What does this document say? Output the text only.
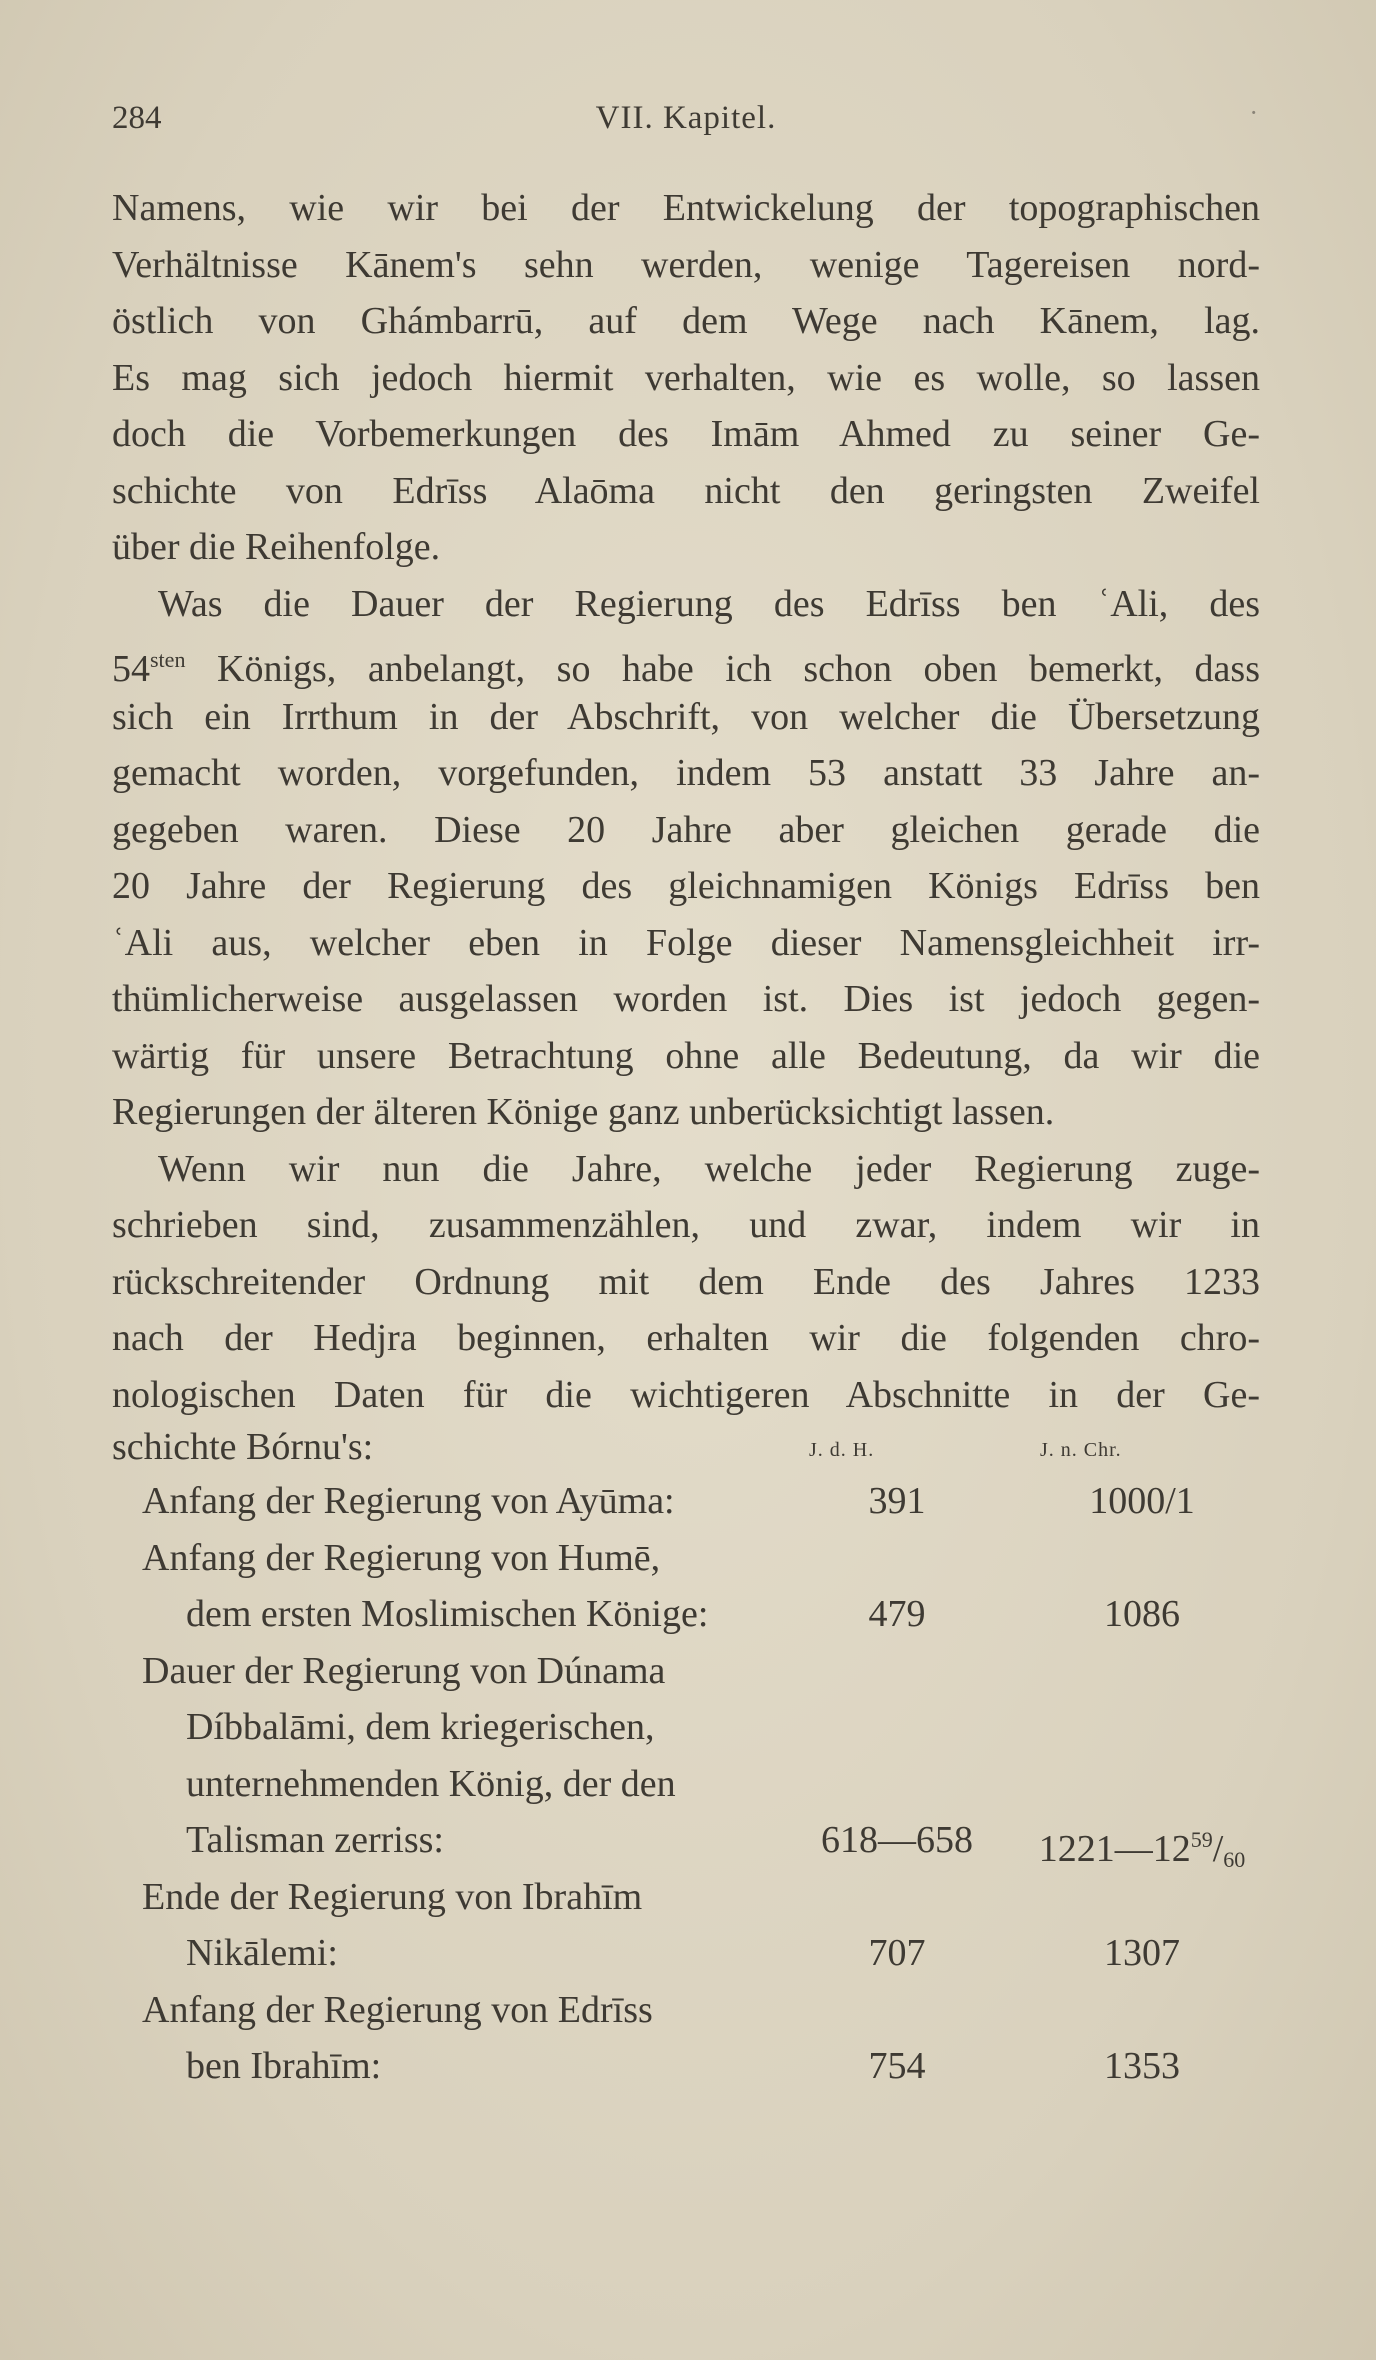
284	VII. Kapitel.	·
Namens, wie wir bei der Entwickelung der topographischen
Verhältnisse Kānem's sehn werden, wenige Tagereisen nord-
östlich von Ghámbarrū, auf dem Wege nach Kānem, lag.
Es mag sich jedoch hiermit verhalten, wie es wolle, so lassen
doch die Vorbemerkungen des Imām Ahmed zu seiner Ge-
schichte von Edrīss Alaōma nicht den geringsten Zweifel
über die Reihenfolge.
Was die Dauer der Regierung des Edrīss ben ʿAli, des
$54^{sten}$ Königs, anbelangt, so habe ich schon oben bemerkt, dass
sich ein Irrthum in der Abschrift, von welcher die Übersetzung
gemacht worden, vorgefunden, indem 53 anstatt 33 Jahre an-
gegeben waren. Diese 20 Jahre aber gleichen gerade die
20 Jahre der Regierung des gleichnamigen Königs Edrīss ben
ʿAli aus, welcher eben in Folge dieser Namensgleichheit irr-
thümlicherweise ausgelassen worden ist. Dies ist jedoch gegen-
wärtig für unsere Betrachtung ohne alle Bedeutung, da wir die
Regierungen der älteren Könige ganz unberücksichtigt lassen.
Wenn wir nun die Jahre, welche jeder Regierung zuge-
schrieben sind, zusammenzählen, und zwar, indem wir in
rückschreitender Ordnung mit dem Ende des Jahres 1233
nach der Hedjra beginnen, erhalten wir die folgenden chro-
nologischen Daten für die wichtigeren Abschnitte in der Ge-
schichte Bórnu's:	J. d. H.	J. n. Chr.
Anfang der Regierung von Ayūma:	391	1000/1
Anfang der Regierung von Humē,
dem ersten Moslimischen Könige:	479	1086
Dauer der Regierung von Dúnama
Díbbalāmi, dem kriegerischen,
unternehmenden König, der den
Talisman zerriss:	618—658	$1221—12^{59}/_{60}$
Ende der Regierung von Ibrahīm
Nikālemi:	707	1307
Anfang der Regierung von Edrīss
ben Ibrahīm:	754	1353
